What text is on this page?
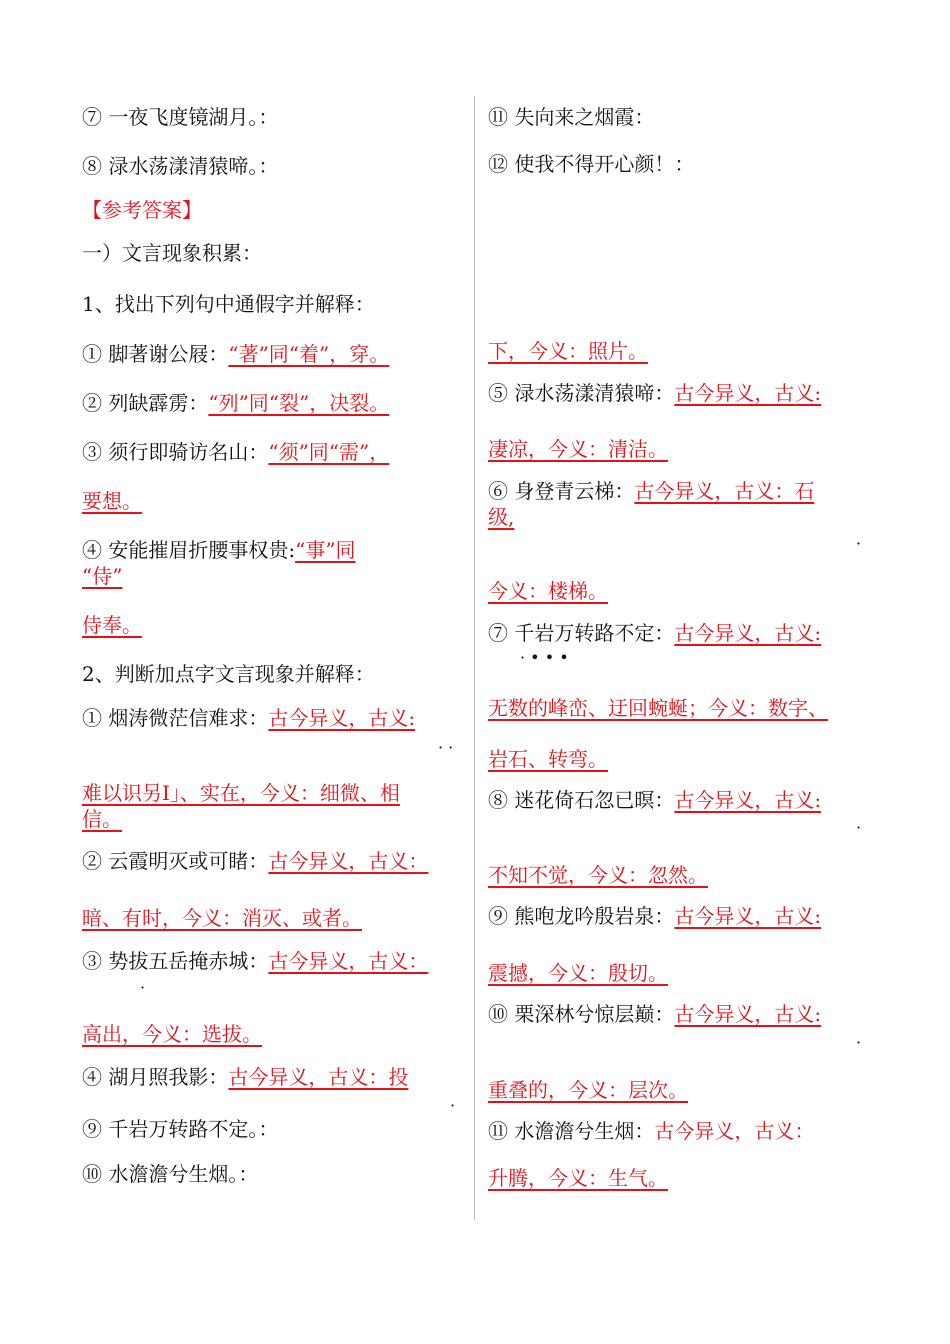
⑦ 一夜飞度镜湖月。：
⑧ 渌水荡漾清猿啼。：
【参考答案】
一）文言现象积累：
1、找出下列句中通假字并解释：
① 脚著谢公屐：“著”同“着”，穿。
② 列缺霹雳：“列”同“裂”，决裂。
③ 须行即骑访名山：“须”同“需”，
要想。
④ 安能摧眉折腰事权贵:“事”同
“侍”
侍奉。
2、判断加点字文言现象并解释：
① 烟涛微茫信难求：古今异义，古义:
难以识另I」、实在，今义：细微、相
信。
② 云霞明灭或可睹：古今异义，古义：
暗、有时，今义：消灭、或者。
③ 势拔五岳掩赤城：古今异义，古义：
高出，今义：选拔。
④ 湖月照我影：古今异义，古义：投
⑨ 千岩万转路不定。：
⑩ 水澹澹兮生烟。：
⑪ 失向来之烟霞：
⑫ 使我不得开心颜！：
下，今义：照片。
⑤ 渌水荡漾清猿啼：古今异义，古义:
凄凉，今义：清洁。
⑥ 身登青云梯：古今异义，古义：石
级,
今义：楼梯。
⑦ 千岩万转路不定：古今异义，古义:
无数的峰峦、迂回蜿蜒；今义：数字、
岩石、转弯。
⑧ 迷花倚石忽已暝：古今异义，古义:
不知不觉，今义：忽然。
⑨ 熊咆龙吟殷岩泉：古今异义，古义:
震撼，今义：殷切。
⑩ 栗深林兮惊层巅：古今异义，古义:
重叠的，今义：层次。
⑪ 水澹澹兮生烟：古今异义，古义：
升腾，今义：生气。
· ·
·
·
·
· • • •
·
·
